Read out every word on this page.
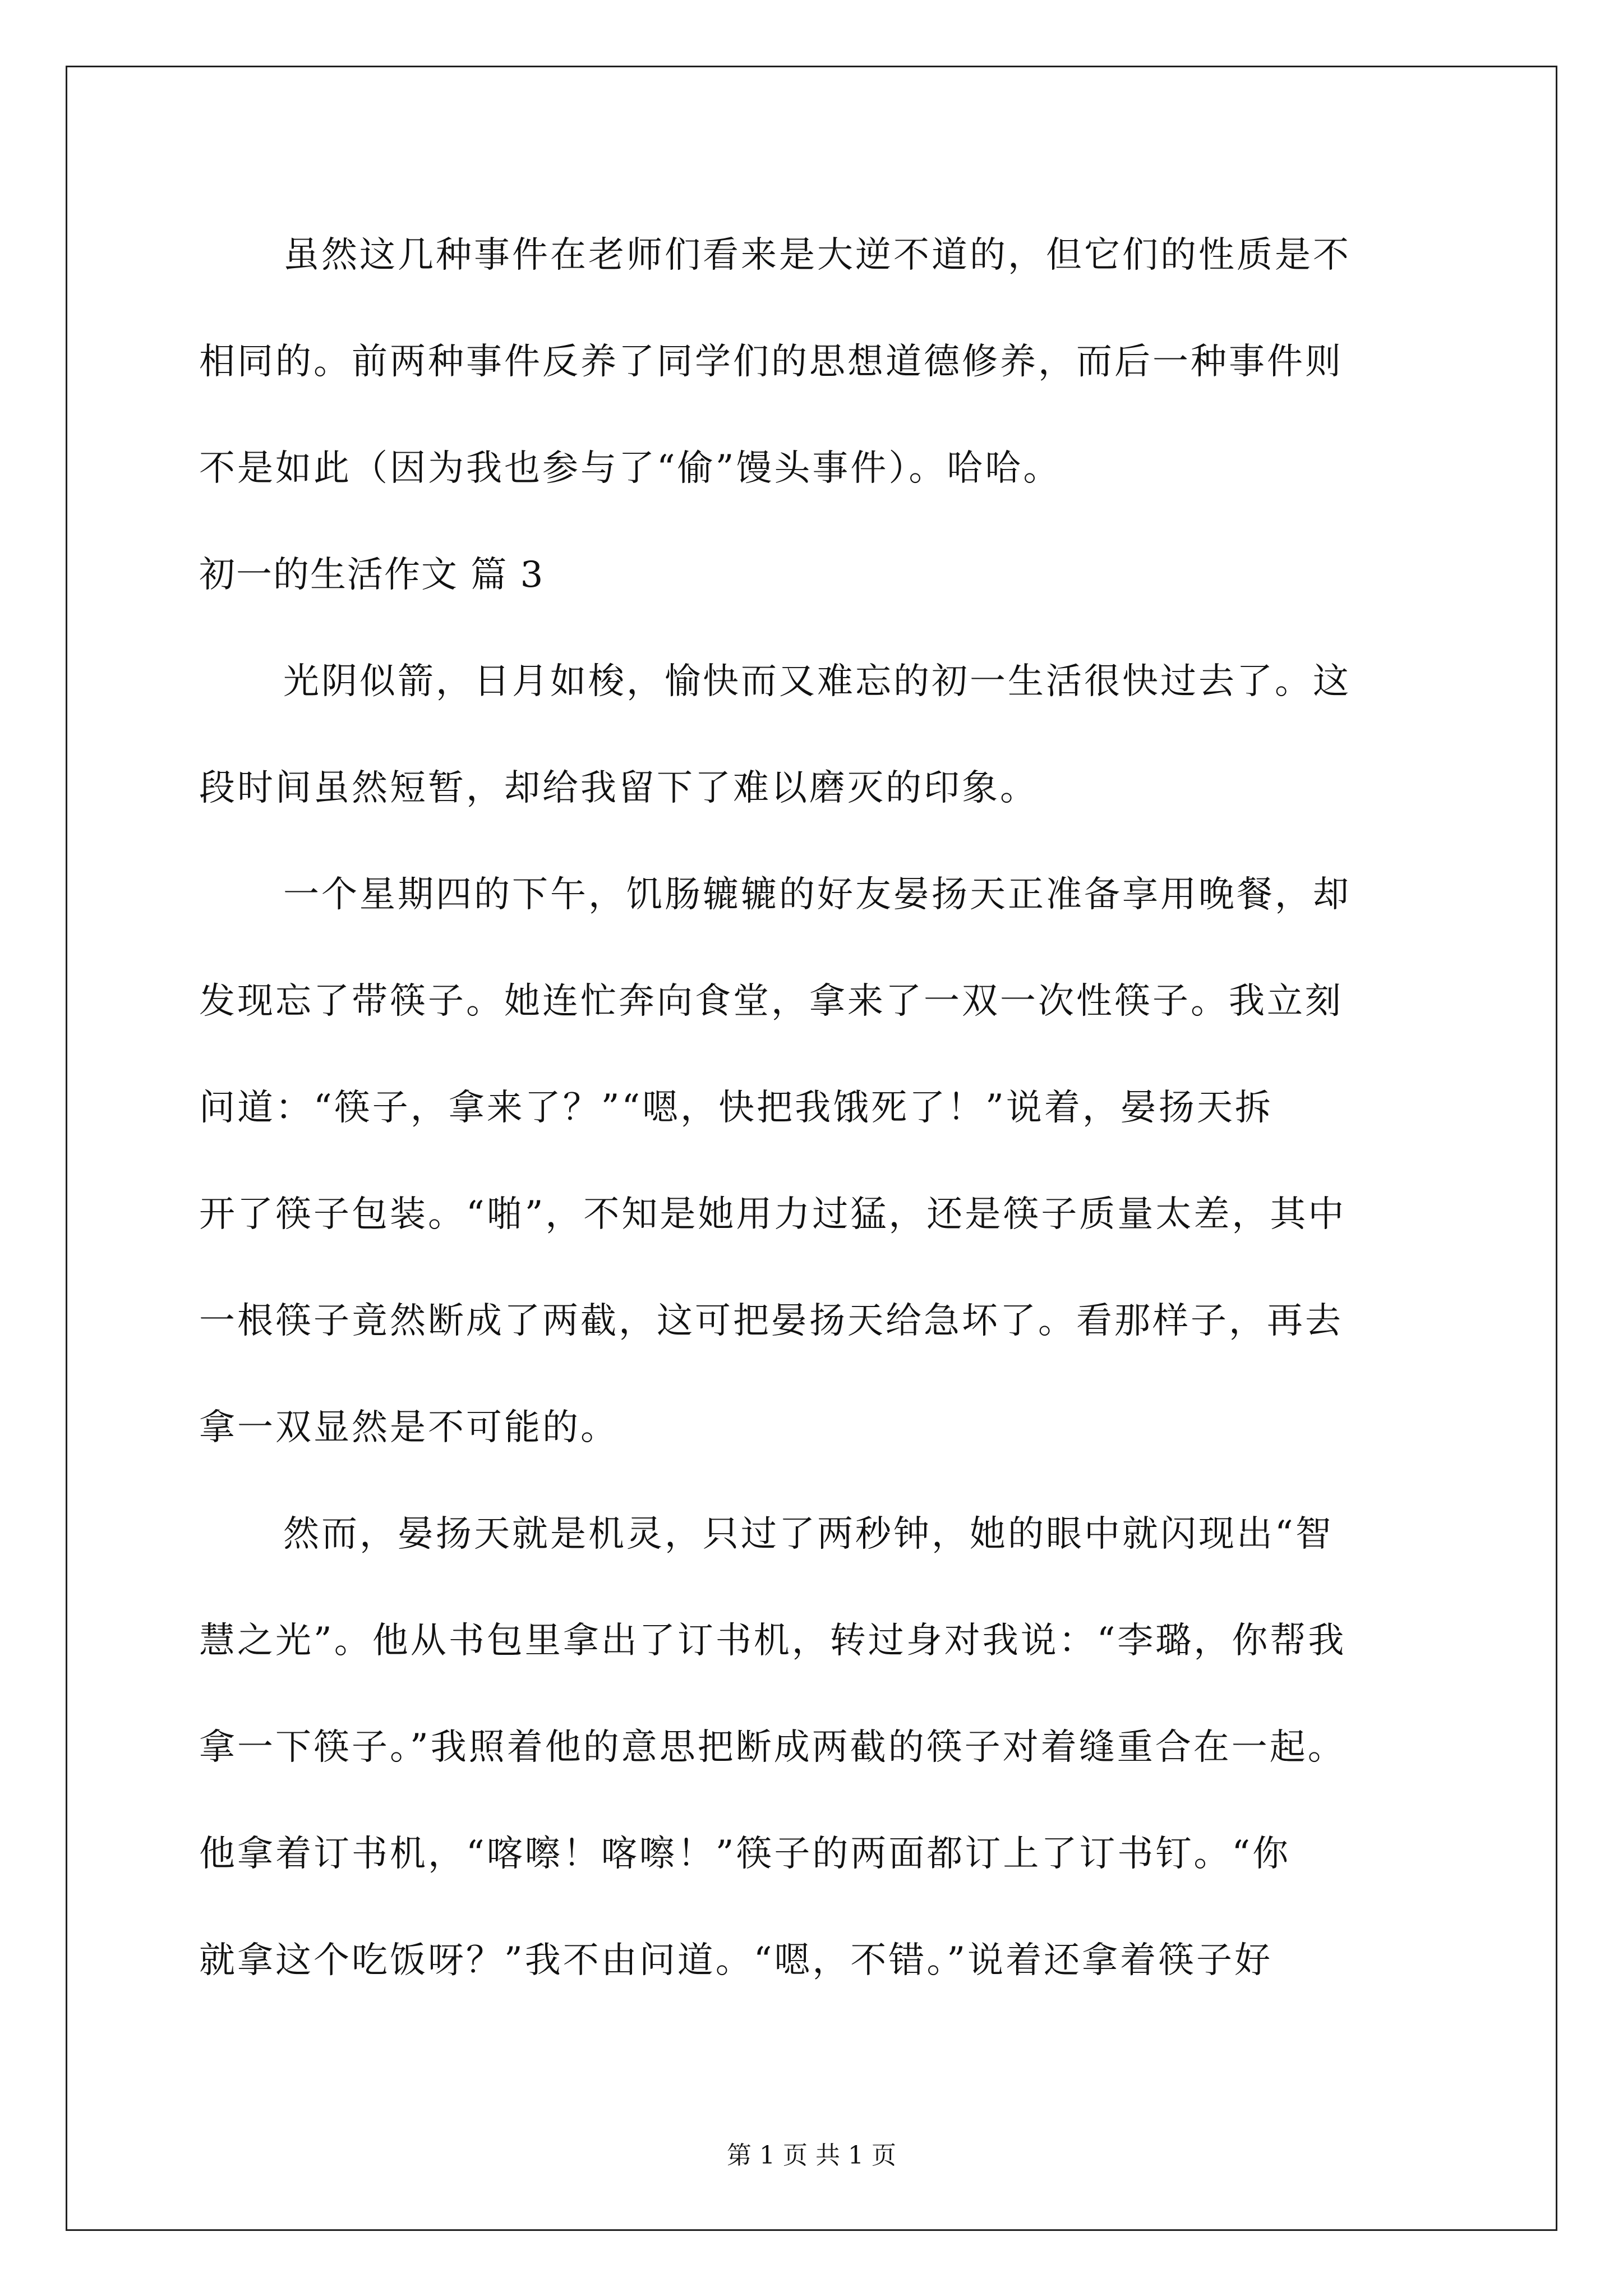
虽然这几种事件在老师们看来是大逆不道的，但它们的性质是不
相同的。前两种事件反养了同学们的思想道德修养，而后一种事件则
不是如此（因为我也参与了“偷”馒头事件）。哈哈。
初一的生活作文 篇 3
光阴似箭，日月如梭，愉快而又难忘的初一生活很快过去了。这
段时间虽然短暂，却给我留下了难以磨灭的印象。
一个星期四的下午，饥肠辘辘的好友晏扬天正准备享用晚餐，却
发现忘了带筷子。她连忙奔向食堂，拿来了一双一次性筷子。我立刻
问道：“筷子，拿来了？”“嗯，快把我饿死了！”说着，晏扬天拆
开了筷子包装。“啪”，不知是她用力过猛，还是筷子质量太差，其中
一根筷子竟然断成了两截，这可把晏扬天给急坏了。看那样子，再去
拿一双显然是不可能的。
然而，晏扬天就是机灵，只过了两秒钟，她的眼中就闪现出“智
慧之光”。他从书包里拿出了订书机，转过身对我说：“李璐，你帮我
拿一下筷子。”我照着他的意思把断成两截的筷子对着缝重合在一起。
他拿着订书机，“喀嚓！喀嚓！”筷子的两面都订上了订书钉。“你
就拿这个吃饭呀？”我不由问道。“嗯，不错。”说着还拿着筷子好
第 1 页 共 1 页
